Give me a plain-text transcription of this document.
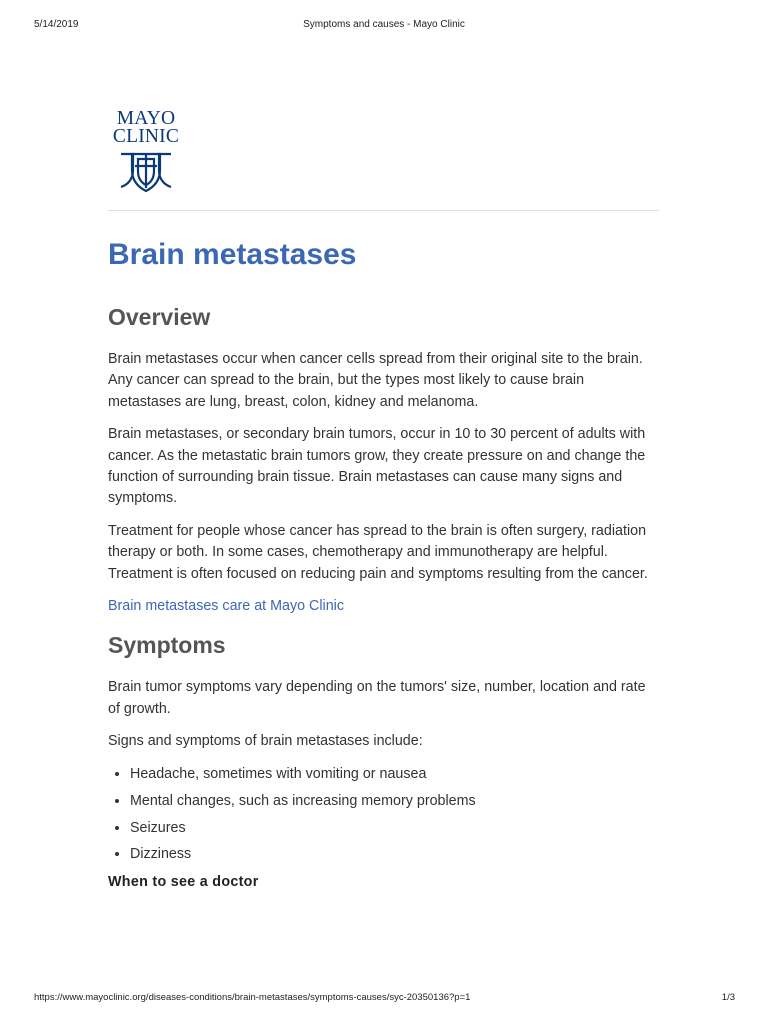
5/14/2019	Symptoms and causes - Mayo Clinic
MAYO
CLINIC
Brain metastases
Overview

Brain metastases occur when cancer cells spread from their original site to the brain. Any cancer can spread to the brain, but the types most likely to cause brain metastases are lung, breast, colon, kidney and melanoma.

Brain metastases, or secondary brain tumors, occur in 10 to 30 percent of adults with cancer. As the metastatic brain tumors grow, they create pressure on and change the function of surrounding brain tissue. Brain metastases can cause many signs and symptoms.

Treatment for people whose cancer has spread to the brain is often surgery, radiation therapy or both. In some cases, chemotherapy and immunotherapy are helpful. Treatment is often focused on reducing pain and symptoms resulting from the cancer.

Brain metastases care at Mayo Clinic
Symptoms

Brain tumor symptoms vary depending on the tumors' size, number, location and rate of growth.

Signs and symptoms of brain metastases include:

• Headache, sometimes with vomiting or nausea
• Mental changes, such as increasing memory problems
• Seizures
• Dizziness
When to see a doctor
https://www.mayoclinic.org/diseases-conditions/brain-metastases/symptoms-causes/syc-20350136?p=1	1/3
